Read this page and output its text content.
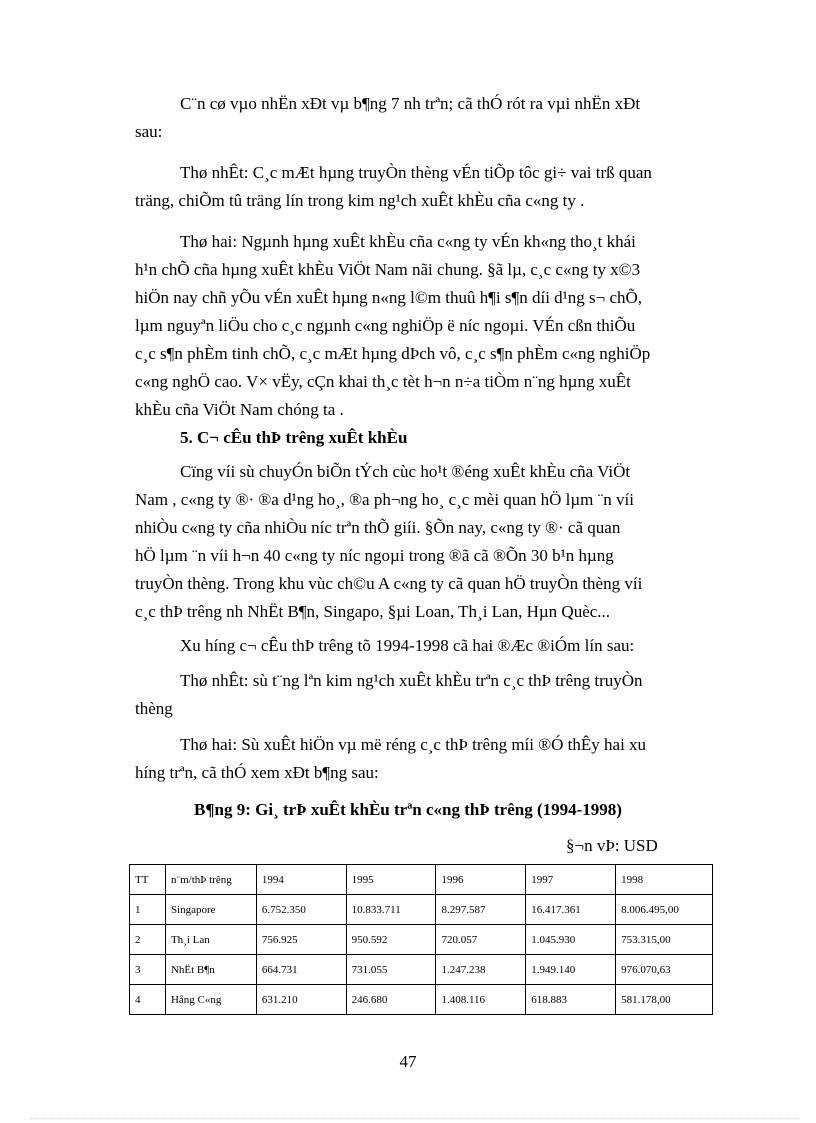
C¨n cø vµo nhËn xÐt vµ b¶ng 7 nh trªn; cã thÓ rót ra vµi nhËn xÐt
sau:
Thø nhÊt: C¸c mÆt hµng truyÒn thèng vÉn tiÕp tôc gi÷ vai trß quan
träng, chiÕm tû träng lín trong kim ng¹ch xuÊt khÈu cña c«ng ty .
Thø hai: Ngµnh hµng xuÊt khÈu cña c«ng ty vÉn kh«ng tho¸t khái
h¹n chÕ cña hµng xuÊt khÈu ViÖt Nam nãi chung. §ã lµ, c¸c c«ng ty x©3
hiÖn nay chñ yÕu vÉn xuÊt hµng n«ng l©m thuû h¶i s¶n díi d¹ng s¬ chÕ,
lµm nguyªn liÖu cho c¸c ngµnh c«ng nghiÖp ë níc ngoµi. VÉn cßn thiÕu
c¸c s¶n phÈm tinh chÕ, c¸c mÆt hµng dÞch vô, c¸c s¶n phÈm c«ng nghiÖp
c«ng nghÖ cao. V× vËy, cÇn khai th¸c tèt h¬n n÷a tiÒm n¨ng hµng xuÊt
khÈu cña ViÖt Nam chóng ta .
5. C¬ cÊu thÞ trêng xuÊt khÈu
Cïng víi sù chuyÓn biÕn tÝch cùc ho¹t ®éng xuÊt khÈu cña ViÖt
Nam , c«ng ty ®· ®a d¹ng ho¸, ®a ph¬ng ho¸ c¸c mèi quan hÖ lµm ¨n víi
nhiÒu c«ng ty cña nhiÒu níc trªn thÕ giíi. §Õn nay, c«ng ty ®· cã quan
hÖ lµm ¨n víi h¬n 40 c«ng ty níc ngoµi trong ®ã cã ®Õn 30 b¹n hµng
truyÒn thèng. Trong khu vùc ch©u A c«ng ty cã quan hÖ truyÒn thèng víi
c¸c thÞ trêng nh NhËt B¶n, Singapo, §µi Loan, Th¸i Lan, Hµn Quèc...
Xu híng c¬ cÊu thÞ trêng tõ 1994-1998 cã hai ®Æc ®iÓm lín sau:
Thø nhÊt: sù t¨ng lªn kim ng¹ch xuÊt khÈu trªn c¸c thÞ trêng truyÒn
thèng
Thø hai: Sù xuÊt hiÖn vµ më réng c¸c thÞ trêng míi ®Ó thÊy hai xu
híng trªn, cã thÓ xem xÐt b¶ng sau:
B¶ng 9: Gi¸ trÞ xuÊt khÈu trªn c«ng thÞ trêng (1994-1998)
§¬n vÞ: USD
TT	n¨m/thÞ trêng	1994	1995	1996	1997	1998
1	Singapore	6.752.350	10.833.711	8.297.587	16.417.361	8.006.495,00
2	Th¸i Lan	756.925	950.592	720.057	1.045.930	753.315,00
3	NhËt B¶n	664.731	731.055	1.247.238	1.949.140	976.070,63
4	Hång C«ng	631.210	246.680	1.408.116	618.883	581.178,00
47
